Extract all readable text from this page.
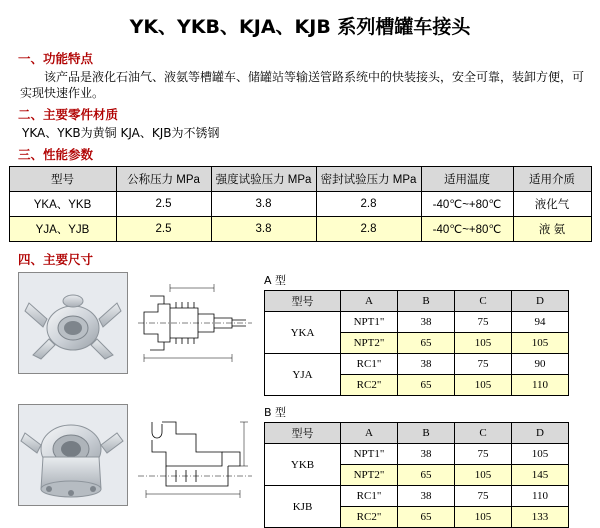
YK、YKB、KJA、KJB 系列槽罐车接头
一、功能特点
该产品是液化石油气、液氨等槽罐车、储罐站等输送管路系统中的快装接头，安全可靠，装卸方便，可实现快速作业。
二、主要零件材质
YKA、YKB为黄铜 KJA、KJB为不锈钢
三、性能参数
型号	公称压力 MPa	强度试验压力 MPa	密封试验压力 MPa	适用温度	适用介质
YKA、YKB	2.5	3.8	2.8	-40℃~+80℃	液化气
YJA、YJB	2.5	3.8	2.8	-40℃~+80℃	液 氨
四、主要尺寸
A 型
型号	A	B	C	D
YKA	NPT1"	38	75	94
	NPT2"	65	105	105
YJA	RC1"	38	75	90
	RC2"	65	105	110
B 型
型号	A	B	C	D
YKB	NPT1"	38	75	105
	NPT2"	65	105	145
KJB	RC1"	38	75	110
	RC2"	65	105	133
